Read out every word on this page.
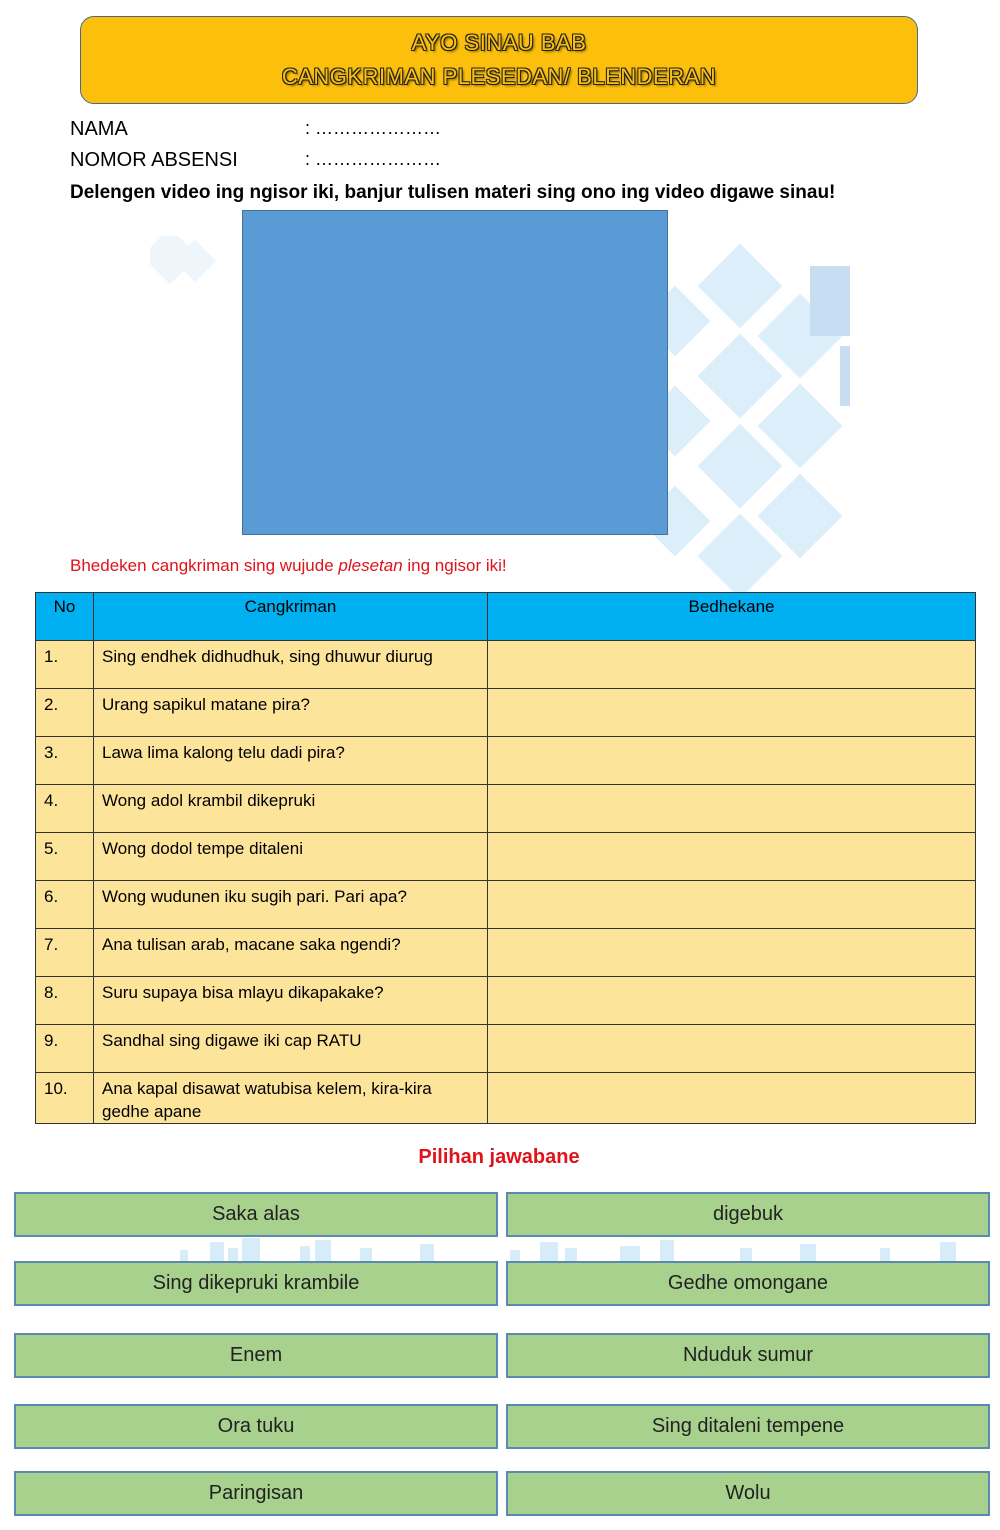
AYO SINAU BAB
CANGKRIMAN PLESEDAN/ BLENDERAN
NAMA	: …………………
NOMOR ABSENSI	: …………………
Delengen video ing ngisor iki, banjur tulisen materi sing ono ing video digawe sinau!
Bhedeken cangkriman sing wujude plesetan ing ngisor iki!
No	Cangkriman	Bedhekane
1.	Sing endhek didhudhuk, sing dhuwur diurug	
2.	Urang sapikul matane pira?	
3.	Lawa lima kalong telu dadi pira?	
4.	Wong adol krambil dikepruki	
5.	Wong dodol tempe ditaleni	
6.	Wong wudunen iku sugih pari. Pari apa?	
7.	Ana tulisan arab, macane saka ngendi?	
8.	Suru supaya bisa mlayu dikapakake?	
9.	Sandhal sing digawe iki cap RATU	
10.	Ana kapal disawat watubisa kelem, kira-kira gedhe apane	
Pilihan jawabane
Saka alas	digebuk
Sing dikepruki krambile	Gedhe omongane
Enem	Nduduk sumur
Ora tuku	Sing ditaleni tempene
Paringisan	Wolu
